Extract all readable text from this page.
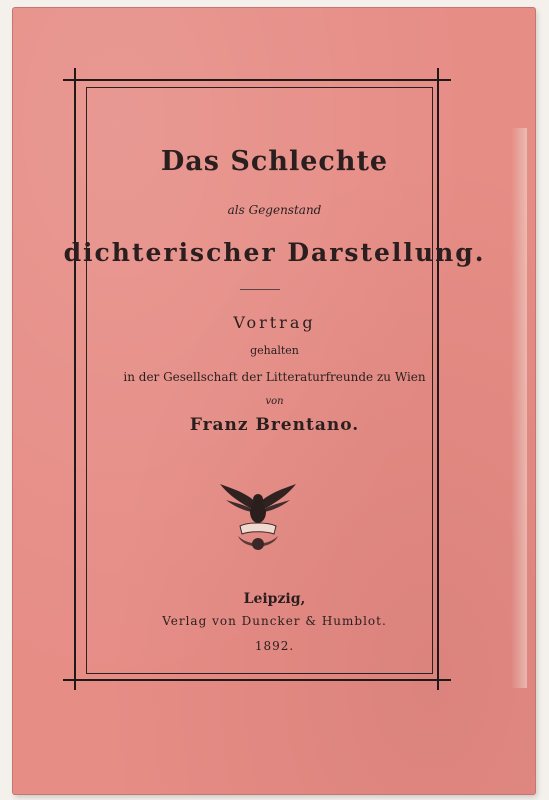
Das Schlechte
als Gegenstand
dichterischer Darstellung.
Vortrag
gehalten
in der Gesellschaft der Litteraturfreunde zu Wien
von
Franz Brentano.
Leipzig,
Verlag von Duncker & Humblot.
1892.
